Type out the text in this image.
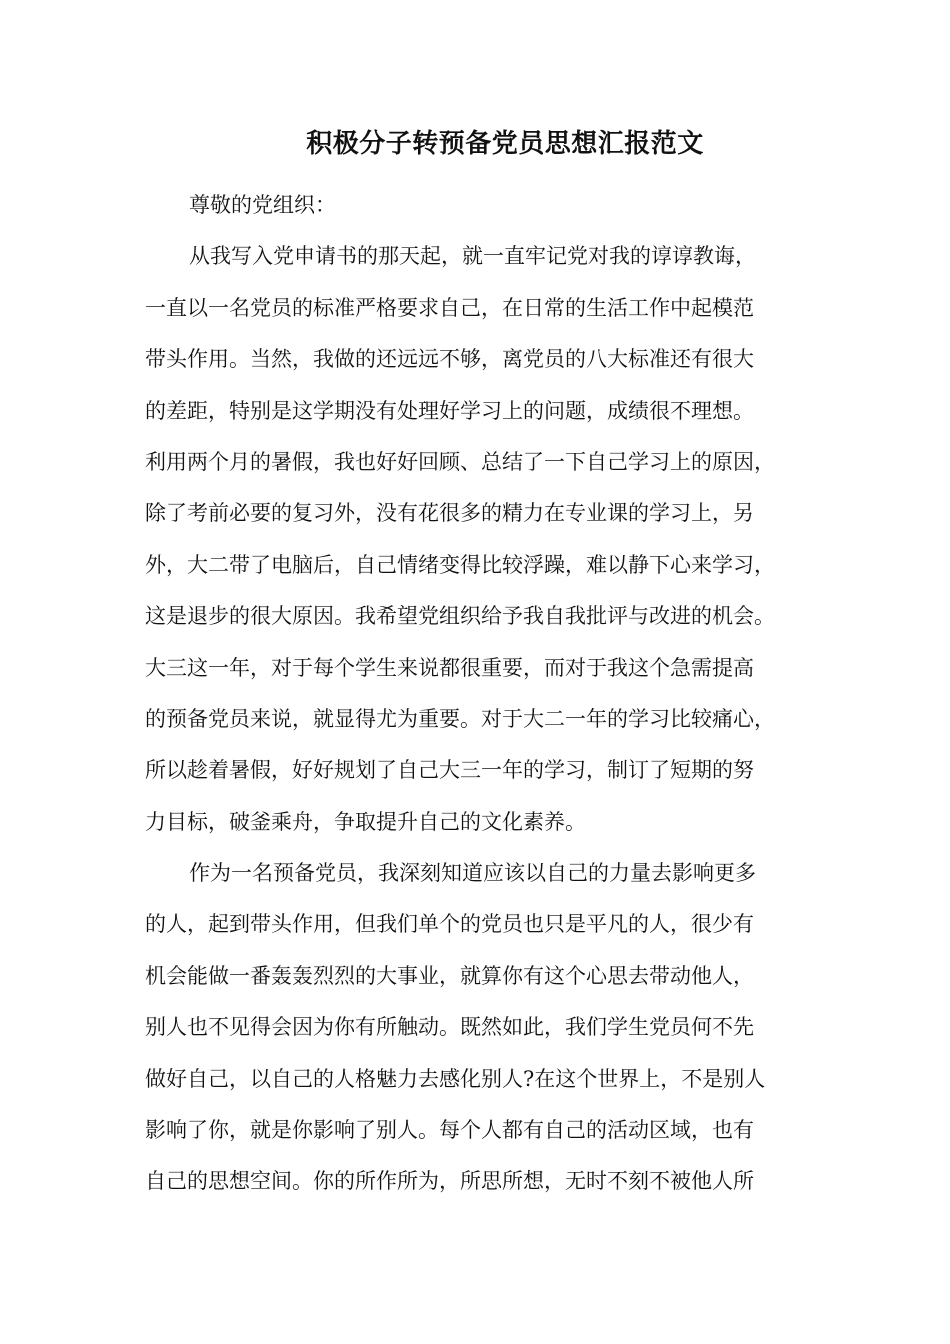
积极分子转预备党员思想汇报范文
尊敬的党组织：
从我写入党申请书的那天起，就一直牢记党对我的谆谆教诲，
一直以一名党员的标准严格要求自己，在日常的生活工作中起模范
带头作用。当然，我做的还远远不够，离党员的八大标准还有很大
的差距，特别是这学期没有处理好学习上的问题，成绩很不理想。
利用两个月的暑假，我也好好回顾、总结了一下自己学习上的原因，
除了考前必要的复习外，没有花很多的精力在专业课的学习上，另
外，大二带了电脑后，自己情绪变得比较浮躁，难以静下心来学习，
这是退步的很大原因。我希望党组织给予我自我批评与改进的机会。
大三这一年，对于每个学生来说都很重要，而对于我这个急需提高
的预备党员来说，就显得尤为重要。对于大二一年的学习比较痛心，
所以趁着暑假，好好规划了自己大三一年的学习，制订了短期的努
力目标，破釜乘舟，争取提升自己的文化素养。
作为一名预备党员，我深刻知道应该以自己的力量去影响更多
的人，起到带头作用，但我们单个的党员也只是平凡的人，很少有
机会能做一番轰轰烈烈的大事业，就算你有这个心思去带动他人，
别人也不见得会因为你有所触动。既然如此，我们学生党员何不先
做好自己，以自己的人格魅力去感化别人?在这个世界上，不是别人
影响了你，就是你影响了别人。每个人都有自己的活动区域，也有
自己的思想空间。你的所作所为，所思所想，无时不刻不被他人所
